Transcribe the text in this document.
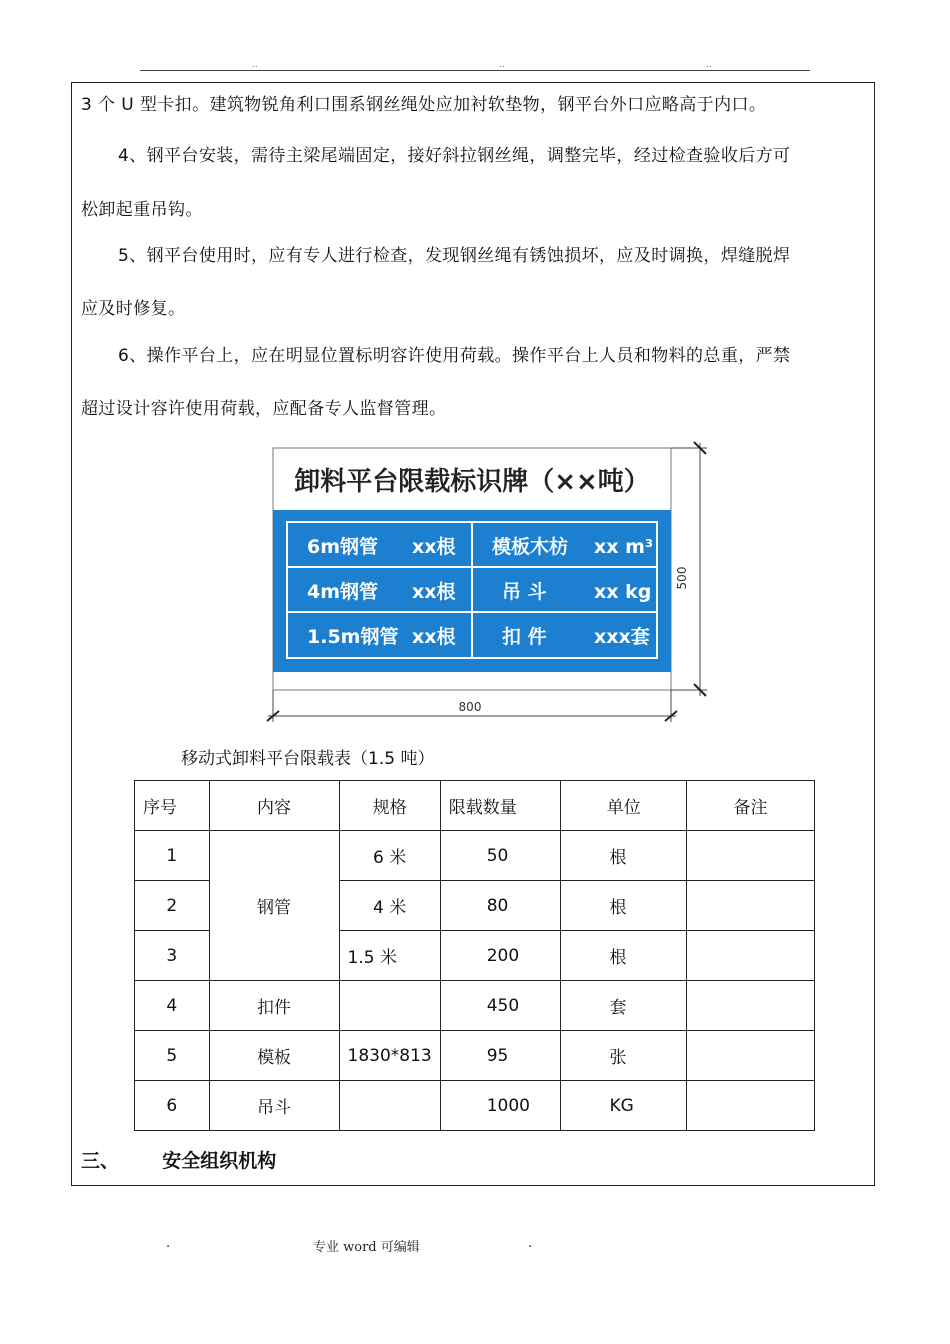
..	..	..
3 个 U 型卡扣。建筑物锐角利口围系钢丝绳处应加衬软垫物，钢平台外口应略高于内口。
4、钢平台安装，需待主梁尾端固定，接好斜拉钢丝绳，调整完毕，经过检查验收后方可
松卸起重吊钩。
5、钢平台使用时，应有专人进行检查，发现钢丝绳有锈蚀损坏，应及时调换，焊缝脱焊
应及时修复。
6、操作平台上，应在明显位置标明容许使用荷载。操作平台上人员和物料的总重，严禁
超过设计容许使用荷载，应配备专人监督管理。
卸料平台限载标识牌（××吨）
6m钢管 xx根 模板木枋 xx m³
4m钢管 xx根 吊 斗 xx kg
1.5m钢管 xx根 扣 件 xxx套
800
500
移动式卸料平台限载表（1.5 吨）
序号	内容	规格	限载数量	单位	备注
1	钢管	6 米	50	根	
2		4 米	80	根	
3		1.5 米	200	根	
4	扣件		450	套	
5	模板	1830*813	95	张	
6	吊斗		1000	KG	
三、 安全组织机构
.	专业 word 可编辑	.
